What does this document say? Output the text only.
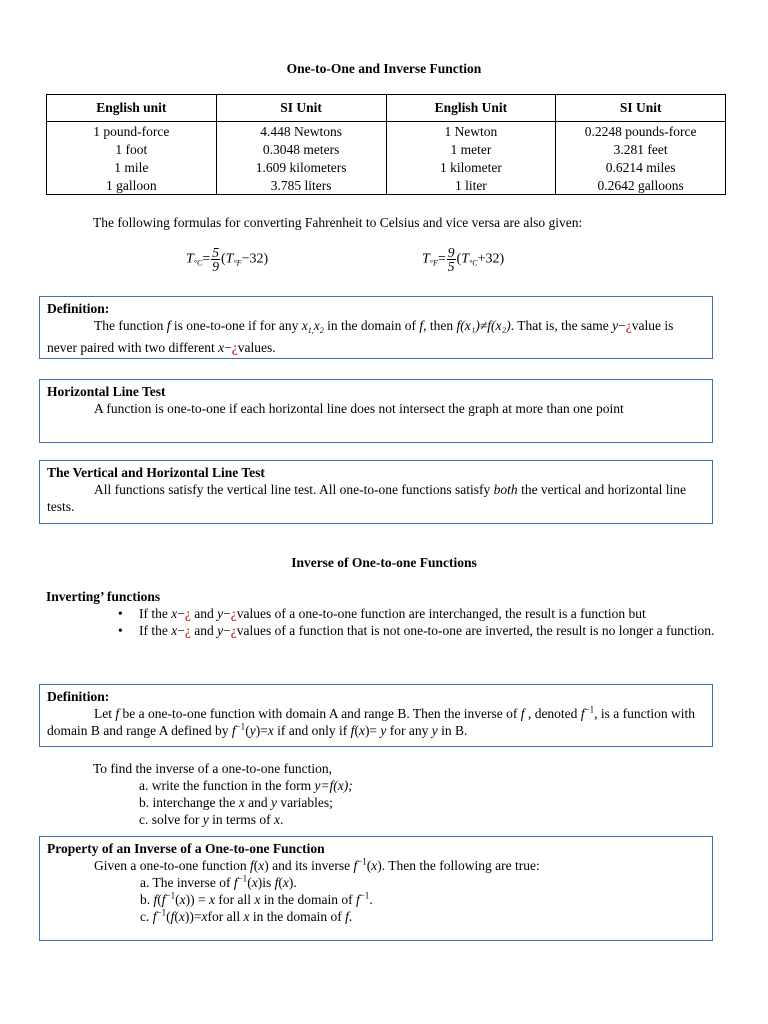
One-to-One and Inverse Function
English unit	SI Unit	English Unit	SI Unit
1 pound-force	4.448 Newtons	1 Newton	0.2248 pounds-force
1 foot	0.3048 meters	1 meter	3.281 feet
1 mile	1.609 kilometers	1 kilometer	0.6214 miles
1 galloon	3.785 liters	1 liter	0.2642 galloons
The following formulas for converting Fahrenheit to Celsius and vice versa are also given:
$T_{^\circ C}= \frac{5}{9} (T_{^\circ F}-32)$	$T_{^\circ F}= \frac{9}{5} (T_{^\circ C}+32)$
Definition:
The function f is one-to-one if for any $x_{1,}x_2$ in the domain of f, then f(x₁)≠f(x₂). That is, the same y−¿value is never paired with two different x−¿values.
Horizontal Line Test
A function is one-to-one if each horizontal line does not intersect the graph at more than one point
The Vertical and Horizontal Line Test
All functions satisfy the vertical line test. All one-to-one functions satisfy both the vertical and horizontal line tests.
Inverse of One-to-one Functions
Inverting’ functions
• If the x−¿ and y−¿values of a one-to-one function are interchanged, the result is a function but
• If the x−¿ and y−¿values of a function that is not one-to-one are inverted, the result is no longer a function.
Definition:
Let f be a one-to-one function with domain A and range B. Then the inverse of f , denoted $f^{-1}$, is a function with domain B and range A defined by $f^{-1}(y)=x$ if and only if f(x)= y for any y in B.
To find the inverse of a one-to-one function,
a. write the function in the form y=f(x);
b. interchange the x and y variables;
c. solve for y in terms of x.
Property of an Inverse of a One-to-one Function
Given a one-to-one function f(x) and its inverse $f^{-1}(x)$. Then the following are true:
a. The inverse of $f^{-1}(x)is$ f(x).
b. $f(f^{-1}(x)) = x$ for all x in the domain of $f^{-1}$.
c. $f^{-1}(f(x))=xfor$ all x in the domain of f.
